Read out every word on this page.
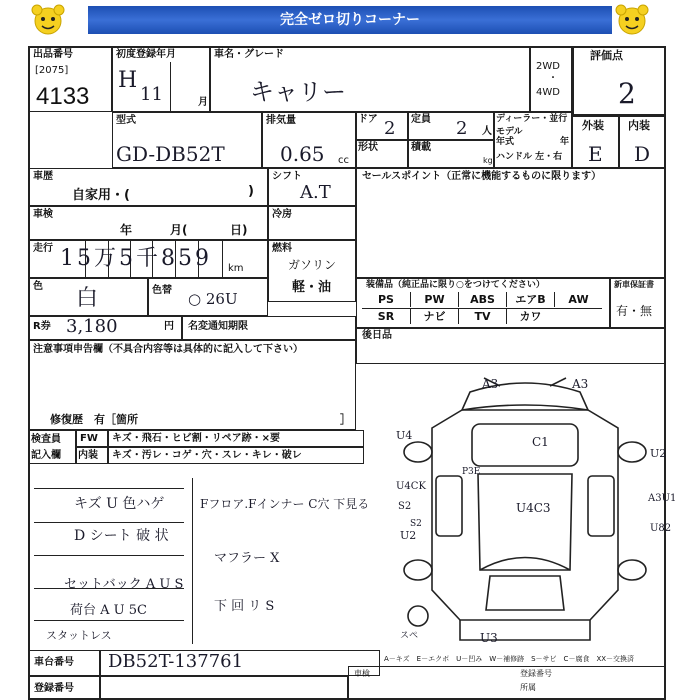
完全ゼロ切りコーナー
出品番号
[2075]
4133
初度登録年月
H
11	月
車名・グレード
キャリー
2WD
・
4WD
評価点
2
型式
GD-DB52T
排気量
0.65 cc
ドア 2 定員 2 人
ディーラー・並行
モデル
年式	年
ハンドル 左・右
形状	積載
kg
外装
E
内装
D
車歴
自家用・(	)
シフト
A.T
セールスポイント（正常に機能するものに限ります）
車検
年	月(	日)
冷房
走行 15万5千859 km
燃料
ガソリン
軽・油
色 白	色替 ○ 26U
装備品（純正品に限り○をつけてください）
PS	PW	ABS	エアB	AW
SR	ナビ	TV	カワ
新車保証書
有・無
R券 3,180	円 名変通知期限
後日品
注意事項申告欄（不具合内容等は具体的に記入して下さい）
修復歴　有［箇所	］
検査員
記入欄
FW キズ・飛石・ヒビ割・リペア跡・×要
内装 キズ・汚レ・コゲ・穴・スレ・キレ・破レ
キズ U 色ハゲ
D シート 破 状
セットバック A U S
荷台 A U 5C
スタットレス
Fフロア.Fインナー C穴 下見る
マフラー X
下 回 リ S
A3	A3
U4
U2
C1
U4CK
S2	U4C3
U2
A3U1
U82
S2
P3E
U3
スペ
車台番号 DB52T-137761	A－キズ　E－エクボ　U－凹み　W－補修跡　S－サビ　C－腐食　XX－交換済
登録番号
車検	登録番号
所属
